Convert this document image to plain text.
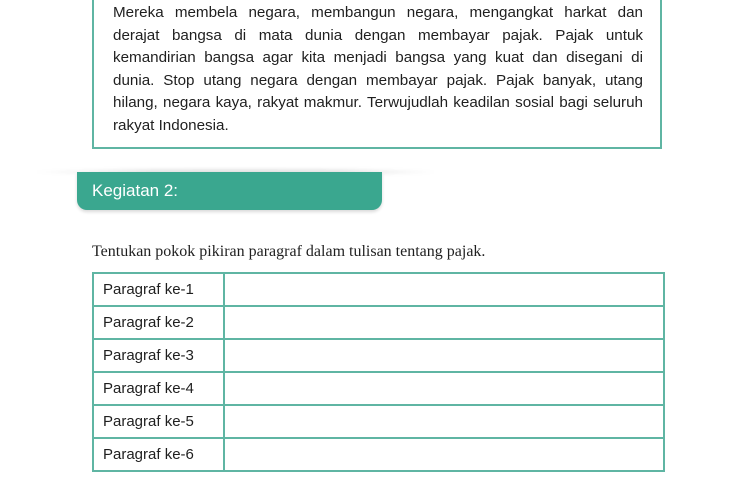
Mereka membela negara, membangun negara, mengangkat harkat dan derajat bangsa di mata dunia dengan membayar pajak. Pajak untuk kemandirian bangsa agar kita menjadi bangsa yang kuat dan disegani di dunia. Stop utang negara dengan membayar pajak. Pajak banyak, utang hilang, negara kaya, rakyat makmur. Terwujudlah keadilan sosial bagi seluruh rakyat Indonesia.

Kegiatan 2:

Tentukan pokok pikiran paragraf dalam tulisan tentang pajak.

Paragraf ke-1	
Paragraf ke-2	
Paragraf ke-3	
Paragraf ke-4	
Paragraf ke-5	
Paragraf ke-6	
